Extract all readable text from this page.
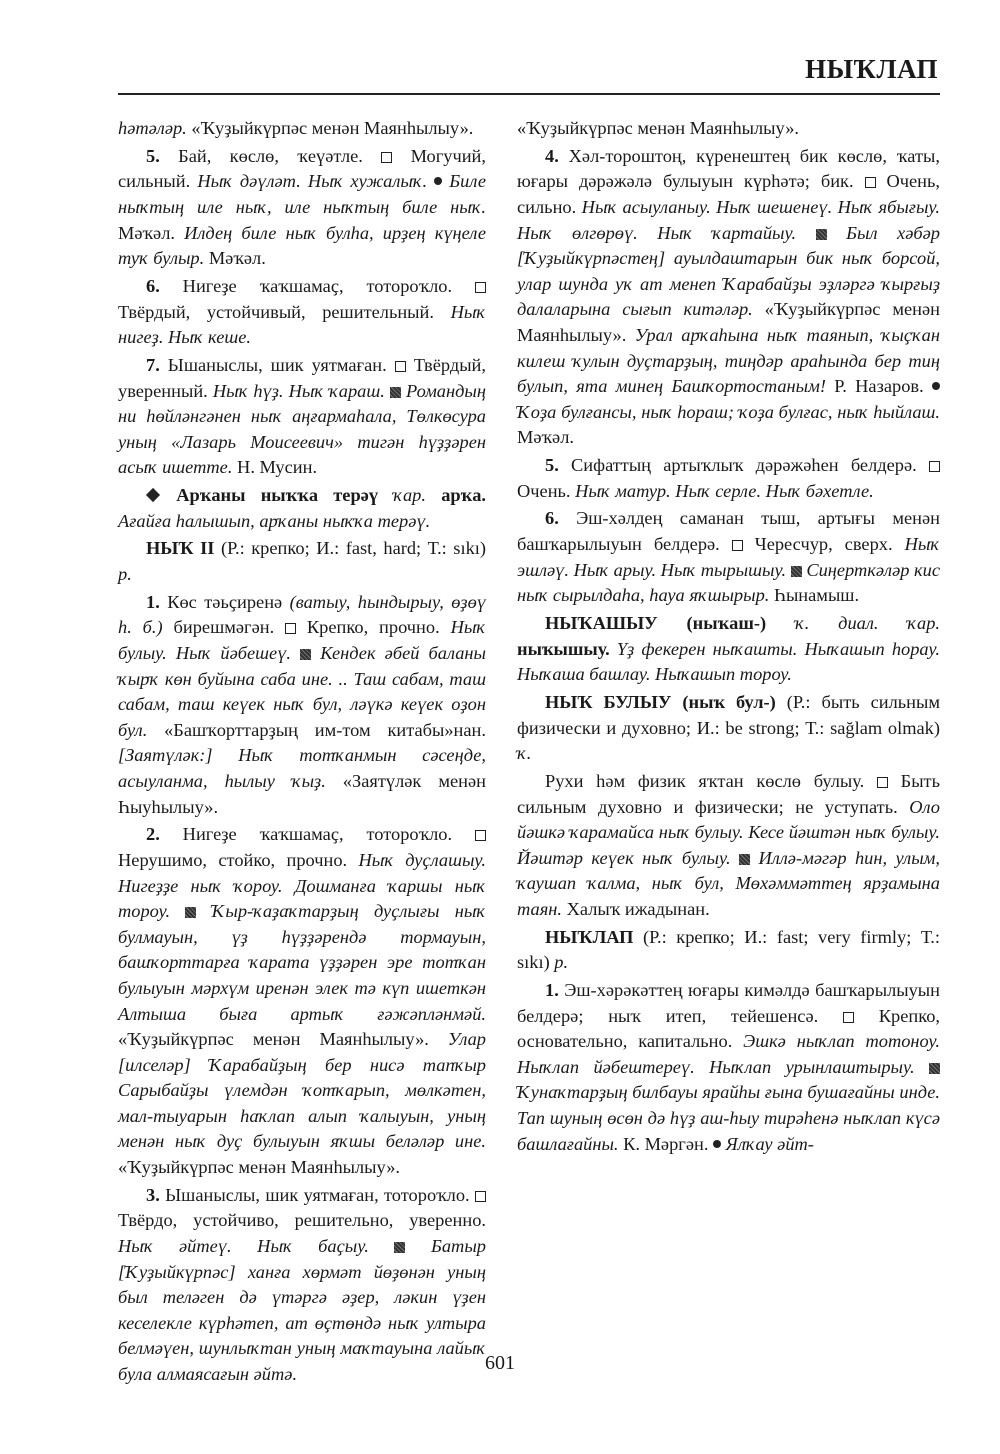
НЫҠЛАП

һәтәләр. «Ҡуҙыйкүрпәс менән Маянһылыу».

5. Бай, көслө, ҡеүәтле.  Могучий, сильный. Ныҡ дәүләт. Ныҡ хужалыҡ. Биле ныҡтың иле ныҡ, иле ныҡтың биле ныҡ. Мәҡәл. Илдең биле ныҡ булһа, ирҙең күңеле туҡ булыр. Мәҡәл.

6. Нигеҙе ҡаҡшамаҫ, тотороҡло.  Твёрдый, устойчивый, решительный. Ныҡ нигеҙ. Ныҡ кеше.

7. Ышаныслы, шик уятмаған.  Твёрдый, уверенный. Ныҡ һүҙ. Ныҡ ҡараш. Романдың ни һөйләнгәнен ныҡ аңғармаһала, Төлкөсура уның «Лазарь Моисеевич» тигән һүҙҙәрен асыҡ ишетте. Н. Мусин.

Арҡаны ныҡҡа терәү ҡар. арҡа. Ағайға һалышып, арҡаны ныҡҡа терәү.

НЫҠ II (Р.: крепко; И.: fast, hard; Т.: sıkı) р.

1. Көс тәьҫиренә (ватыу, һындырыу, өҙөү һ. б.) бирешмәгән.  Крепко, прочно. Ныҡ булыу. Ныҡ йәбешеү. Кендек әбей баланы ҡырҡ көн буйына саба ине. .. Таш сабам, таш сабам, таш кеүек ныҡ бул, ләүкә кеүек оҙон бул. «Башҡорттарҙың им-том китабы»нан. [Заятүләк:] Ныҡ тотҡанмын сәсеңде, асыуланма, һылыу ҡыҙ. «Заятүләк менән Һыуһылыу».

2. Нигеҙе ҡаҡшамаҫ, тотороҡло.  Нерушимо, стойко, прочно. Ныҡ дуҫлашыу. Нигеҙҙе ныҡ ҡороу. Дошманға ҡаршы ныҡ тороу. Ҡыр-ҡаҙаҡтарҙың дуҫлығы ныҡ булмауын, үҙ һүҙҙәрендә тормауын, башҡорттарға ҡарата үҙҙәрен эре тотҡан булыуын мәрхүм иренән элек тә күп ишеткән Алтыша быға артыҡ ғәжәпләнмәй. «Ҡуҙыйкүрпәс менән Маянһылыу». Улар [илселәр] Ҡарабайҙың бер нисә тапҡыр Сарыбайҙы үлемдән ҡотҡарып, мөлкәтен, мал-тыуарын һаҡлап алып ҡалыуын, уның менән ныҡ дуҫ булыуын яҡшы беләләр ине. «Ҡуҙыйкүрпәс менән Маянһылыу».

3. Ышаныслы, шик уятмаған, тотороҡло.  Твёрдо, устойчиво, решительно, уверенно. Ныҡ әйтеү. Ныҡ баҫыу.	Батыр [Ҡуҙыйкүрпәс] ханға хөрмәт йөҙөнән уның был теләген дә үтәргә әҙер, ләкин үҙен кеселекле күрһәтеп, ат өҫтөндә ныҡ ултыра белмәүен, шунлыҡтан уның маҡтауына лайыҡ була алмаясағын әйтә.

«Ҡуҙыйкүрпәс менән Маянһылыу».

4. Хәл-тороштоң, күренештең бик көслө, ҡаты, юғары дәрәжәлә булыуын күрһәтә; бик.  Очень, сильно. Ныҡ асыуланыу. Ныҡ шешенеү. Ныҡ ябығыу. Ныҡ өлгөрөү. Ныҡ ҡартайыу.	Был хәбәр [Ҡуҙыйкүрпәстең] ауылдаштарын бик ныҡ борсой, улар шунда уҡ ат менеп Ҡарабайҙы эҙләргә ҡырғыҙ далаларына сығып китәләр. «Ҡуҙыйкүрпәс менән Маянһылыу». Урал арҡаһына ныҡ таянып, ҡыҫҡан килеш ҡулын дуҫтарҙың, тиңдәр араһында бер тиң булып, ята минең Башҡортостаным! Р. Назаров.  Ҡоҙа булғансы, ныҡ һораш; ҡоҙа булғас, ныҡ һыйлаш. Мәҡәл.

5. Сифаттың артыҡлыҡ дәрәжәһен белдерә.  Очень. Ныҡ матур. Ныҡ серле. Ныҡ бәхетле.

6. Эш-хәлдең саманан тыш, артығы менән башҡарылыуын белдерә.  Чересчур, сверх. Ныҡ эшләү. Ныҡ арыу. Ныҡ тырышыу. Сиңерткәләр кис ныҡ сырылдаһа, һауа яҡшырыр. Һынамыш.

НЫҠАШЫУ (ныҡаш-) ҡ. диал. ҡар. ныҡышыу. Үҙ фекерен ныҡашты. Ныҡашып һорау. Ныҡаша башлау. Ныҡашып тороу.

НЫҠ БУЛЫУ (ныҡ бул-) (Р.: быть сильным физически и духовно; И.: be strong; Т.: sağlam olmak) ҡ.

Рухи һәм физик яҡтан көслө булыу.  Быть сильным духовно и физически; не уступать. Оло йәшкә ҡарамайса ныҡ булыу. Кесе йәштән ныҡ булыу. Йәштәр кеүек ныҡ булыу. Иллә-мәгәр һин, улым, ҡаушап ҡалма, ныҡ бул, Мөхәммәттең ярҙамына таян. Халыҡ ижадынан.

НЫҠЛАП (Р.: крепко; И.: fast; very firmly; Т.: sıkı) р.

1. Эш-хәрәкәттең юғары кимәлдә башҡарылыуын белдерә; ныҡ итеп, тейешенсә.  Крепко, основательно, капитально. Эшкә ныҡлап тотоноу. Ныҡлап йәбештереү. Ныҡлап урынлаштырыу.  Ҡунаҡтарҙың билбауы ярайһы ғына бушағайны инде. Тап шуның өсөн дә һүҙ аш-һыу тирәһенә ныҡлап күсә башлағайны. К. Мәргән.  Ялҡау әйт-

601
